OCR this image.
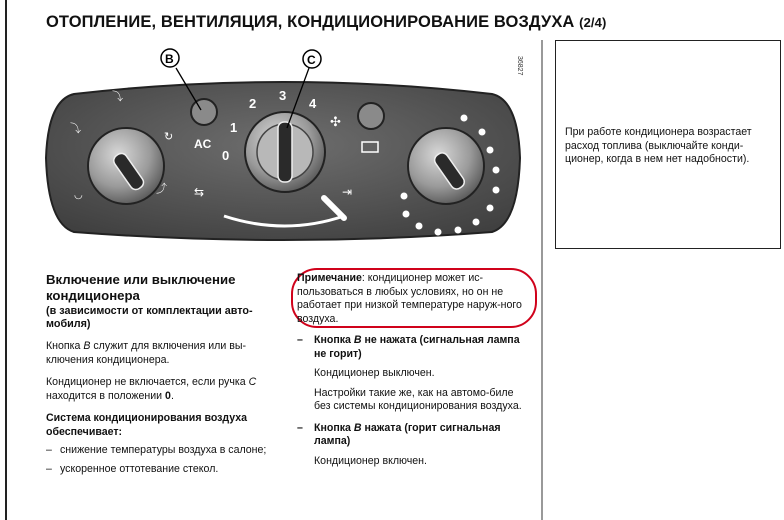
ОТОПЛЕНИЕ, ВЕНТИЛЯЦИЯ, КОНДИЦИОНИРОВАНИЕ ВОЗДУХА (2/4)
⤵
⤵
⤴
◡
↻
AC
0
1
2
3
4
✣
⇆	⇥
B	C	36827
При работе кондиционера возрастает расход топлива (выключайте конди-ционер, когда в нем нет надобности).
Включение или выключение кондиционера
(в зависимости от комплектации авто-мобиля)
Кнопка B служит для включения или вы-ключения кондиционера.
Кондиционер не включается, если ручка C находится в положении 0.
Система кондиционирования воздуха обеспечивает:
– снижение температуры воздуха в салоне;
– ускоренное оттотевание стекол.
Примечание: кондиционер может ис-пользоваться в любых условиях, но он не работает при низкой температуре наруж-ного воздуха.
– Кнопка B не нажата (сигнальная лампа не горит)
Кондиционер выключен.
Настройки такие же, как на автомо-биле без системы кондиционирования воздуха.
– Кнопка B нажата (горит сигнальная лампа)
Кондиционер включен.
